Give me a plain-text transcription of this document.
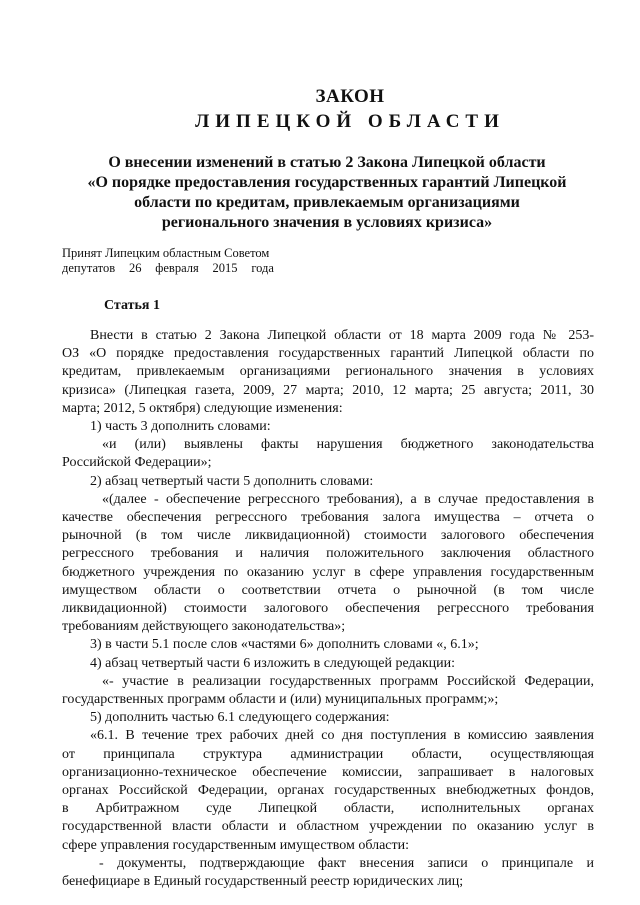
ЗАКОН
ЛИПЕЦКОЙ ОБЛАСТИ
О внесении изменений в статью 2 Закона Липецкой области
«О порядке предоставления государственных гарантий Липецкой
области по кредитам, привлекаемым организациями
регионального значения в условиях кризиса»
Принят Липецким областным Советом
депутатов 26 февраля 2015 года
Статья 1
Внести в статью 2 Закона Липецкой области от 18 марта 2009 года № 253-
ОЗ «О порядке предоставления государственных гарантий Липецкой области по
кредитам, привлекаемым организациями регионального значения в условиях
кризиса» (Липецкая газета, 2009, 27 марта; 2010, 12 марта; 25 августа; 2011, 30
марта; 2012, 5 октября) следующие изменения:
1) часть 3 дополнить словами:
«и (или) выявлены факты нарушения бюджетного законодательства
Российской Федерации»;
2) абзац четвертый части 5 дополнить словами:
«(далее - обеспечение регрессного требования), а в случае предоставления в
качестве обеспечения регрессного требования залога имущества – отчета о
рыночной (в том числе ликвидационной) стоимости залогового обеспечения
регрессного требования и наличия положительного заключения областного
бюджетного учреждения по оказанию услуг в сфере управления государственным
имуществом области о соответствии отчета о рыночной (в том числе
ликвидационной) стоимости залогового обеспечения регрессного требования
требованиям действующего законодательства»;
3) в части 5.1 после слов «частями 6» дополнить словами «, 6.1»;
4) абзац четвертый части 6 изложить в следующей редакции:
«- участие в реализации государственных программ Российской Федерации,
государственных программ области и (или) муниципальных программ;»;
5) дополнить частью 6.1 следующего содержания:
«6.1. В течение трех рабочих дней со дня поступления в комиссию заявления
от принципала структура администрации области, осуществляющая
организационно-техническое обеспечение комиссии, запрашивает в налоговых
органах Российской Федерации, органах государственных внебюджетных фондов,
в Арбитражном суде Липецкой области, исполнительных органах
государственной власти области и областном учреждении по оказанию услуг в
сфере управления государственным имуществом области:
- документы, подтверждающие факт внесения записи о принципале и
бенефициаре в Единый государственный реестр юридических лиц;
